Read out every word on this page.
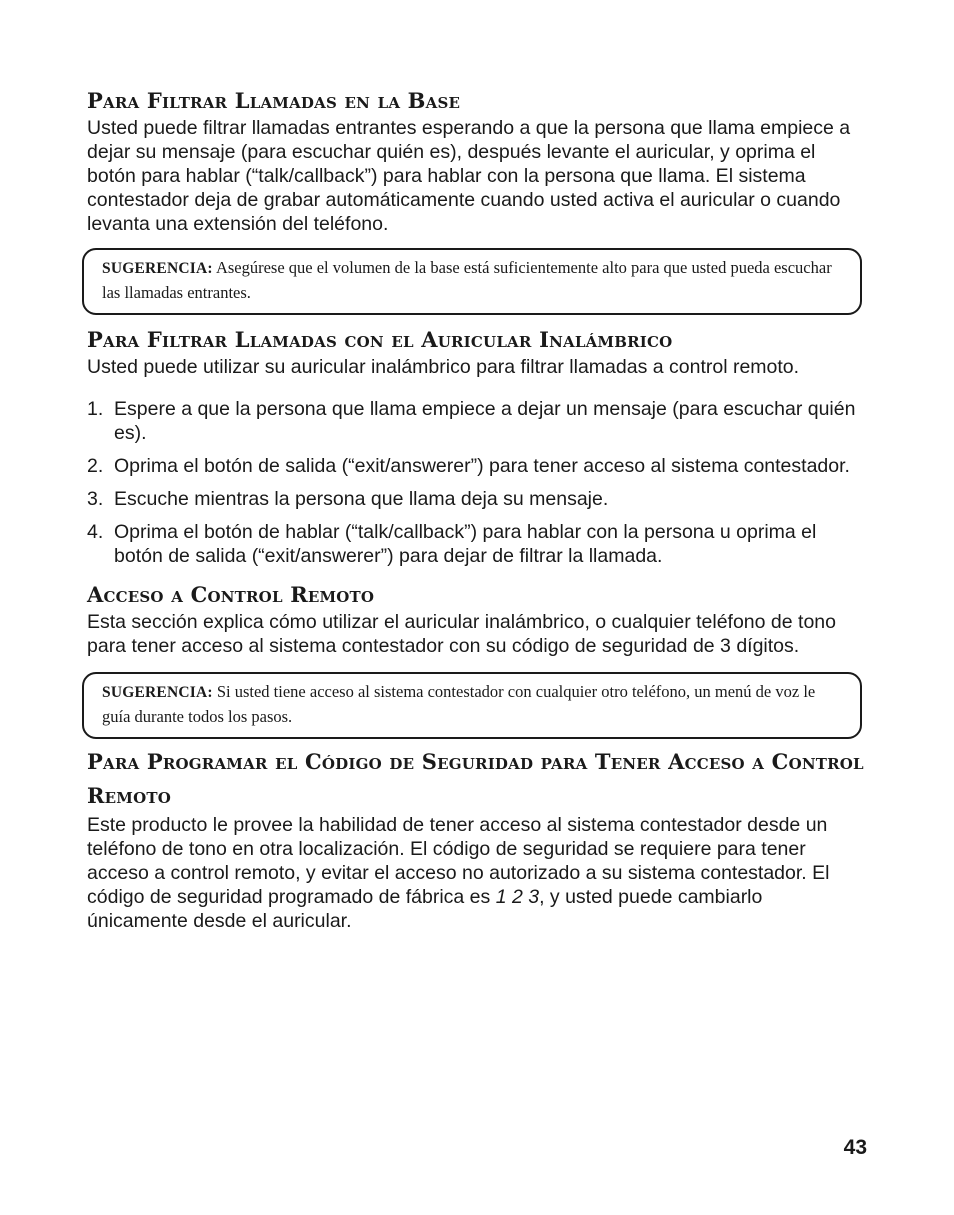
Para Filtrar Llamadas en la Base

Usted puede filtrar llamadas entrantes esperando a que la persona que llama empiece a dejar su mensaje (para escuchar quién es), después levante el auricular, y oprima el botón para hablar (“talk/callback”) para hablar con la persona que llama. El sistema contestador deja de grabar automáticamente cuando usted activa el auricular o cuando levanta una extensión del teléfono.

SUGERENCIA: Asegúrese que el volumen de la base está suficientemente alto para que usted pueda escuchar las llamadas entrantes.
Para Filtrar Llamadas con el Auricular Inalámbrico

Usted puede utilizar su auricular inalámbrico para filtrar llamadas a control remoto.

1. Espere a que la persona que llama empiece a dejar un mensaje (para escuchar quién es).
2. Oprima el botón de salida (“exit/answerer”) para tener acceso al sistema contestador.
3. Escuche mientras la persona que llama deja su mensaje.
4. Oprima el botón de hablar (“talk/callback”) para hablar con la persona u oprima el botón de salida (“exit/answerer”) para dejar de filtrar la llamada.
Acceso a Control Remoto

Esta sección explica cómo utilizar el auricular inalámbrico, o cualquier teléfono de tono para tener acceso al sistema contestador con su código de seguridad de 3 dígitos.

SUGERENCIA: Si usted tiene acceso al sistema contestador con cualquier otro teléfono, un menú de voz le guía durante todos los pasos.
Para Programar el Código de Seguridad para Tener Acceso a Control Remoto

Este producto le provee la habilidad de tener acceso al sistema contestador desde un teléfono de tono en otra localización. El código de seguridad se requiere para tener acceso a control remoto, y evitar el acceso no autorizado a su sistema contestador. El código de seguridad programado de fábrica es 1 2 3, y usted puede cambiarlo únicamente desde el auricular.

43
